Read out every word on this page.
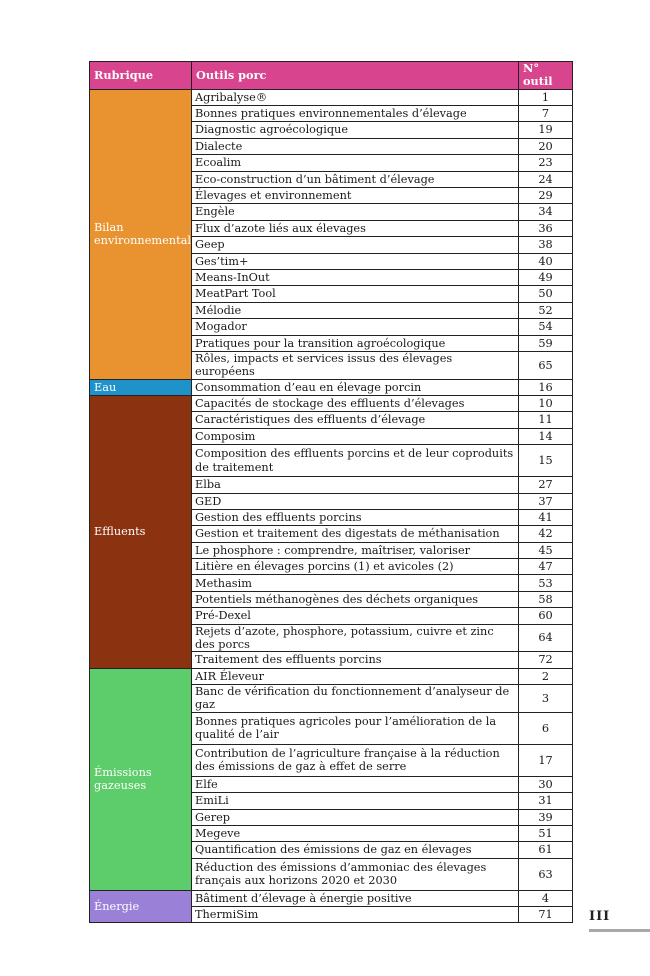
Rubrique	Outils porc	N° outil
Bilan environnemental	Agribalyse®	1
	Bonnes pratiques environnementales d’élevage	7
	Diagnostic agroécologique	19
	Dialecte	20
	Ecoalim	23
	Eco-construction d’un bâtiment d’élevage	24
	Élevages et environnement	29
	Engèle	34
	Flux d’azote liés aux élevages	36
	Geep	38
	Ges’tim+	40
	Means-InOut	49
	MeatPart Tool	50
	Mélodie	52
	Mogador	54
	Pratiques pour la transition agroécologique	59
	Rôles, impacts et services issus des élevages européens	65
Eau	Consommation d’eau en élevage porcin	16
Effluents	Capacités de stockage des effluents d’élevages	10
	Caractéristiques des effluents d’élevage	11
	Composim	14
	Composition des effluents porcins et de leur coproduits de traitement	15
	Elba	27
	GED	37
	Gestion des effluents porcins	41
	Gestion et traitement des digestats de méthanisation	42
	Le phosphore : comprendre, maîtriser, valoriser	45
	Litière en élevages porcins (1) et avicoles (2)	47
	Methasim	53
	Potentiels méthanogènes des déchets organiques	58
	Pré-Dexel	60
	Rejets d’azote, phosphore, potassium, cuivre et zinc des porcs	64
	Traitement des effluents porcins	72
Émissions gazeuses	AIR Éleveur	2
	Banc de vérification du fonctionnement d’analyseur de gaz	3
	Bonnes pratiques agricoles pour l’amélioration de la qualité de l’air	6
	Contribution de l’agriculture française à la réduction des émissions de gaz à effet de serre	17
	Elfe	30
	EmiLi	31
	Gerep	39
	Megeve	51
	Quantification des émissions de gaz en élevages	61
	Réduction des émissions d’ammoniac des élevages français aux horizons 2020 et 2030	63
Énergie	Bâtiment d’élevage à énergie positive	4
	ThermiSim	71	III
